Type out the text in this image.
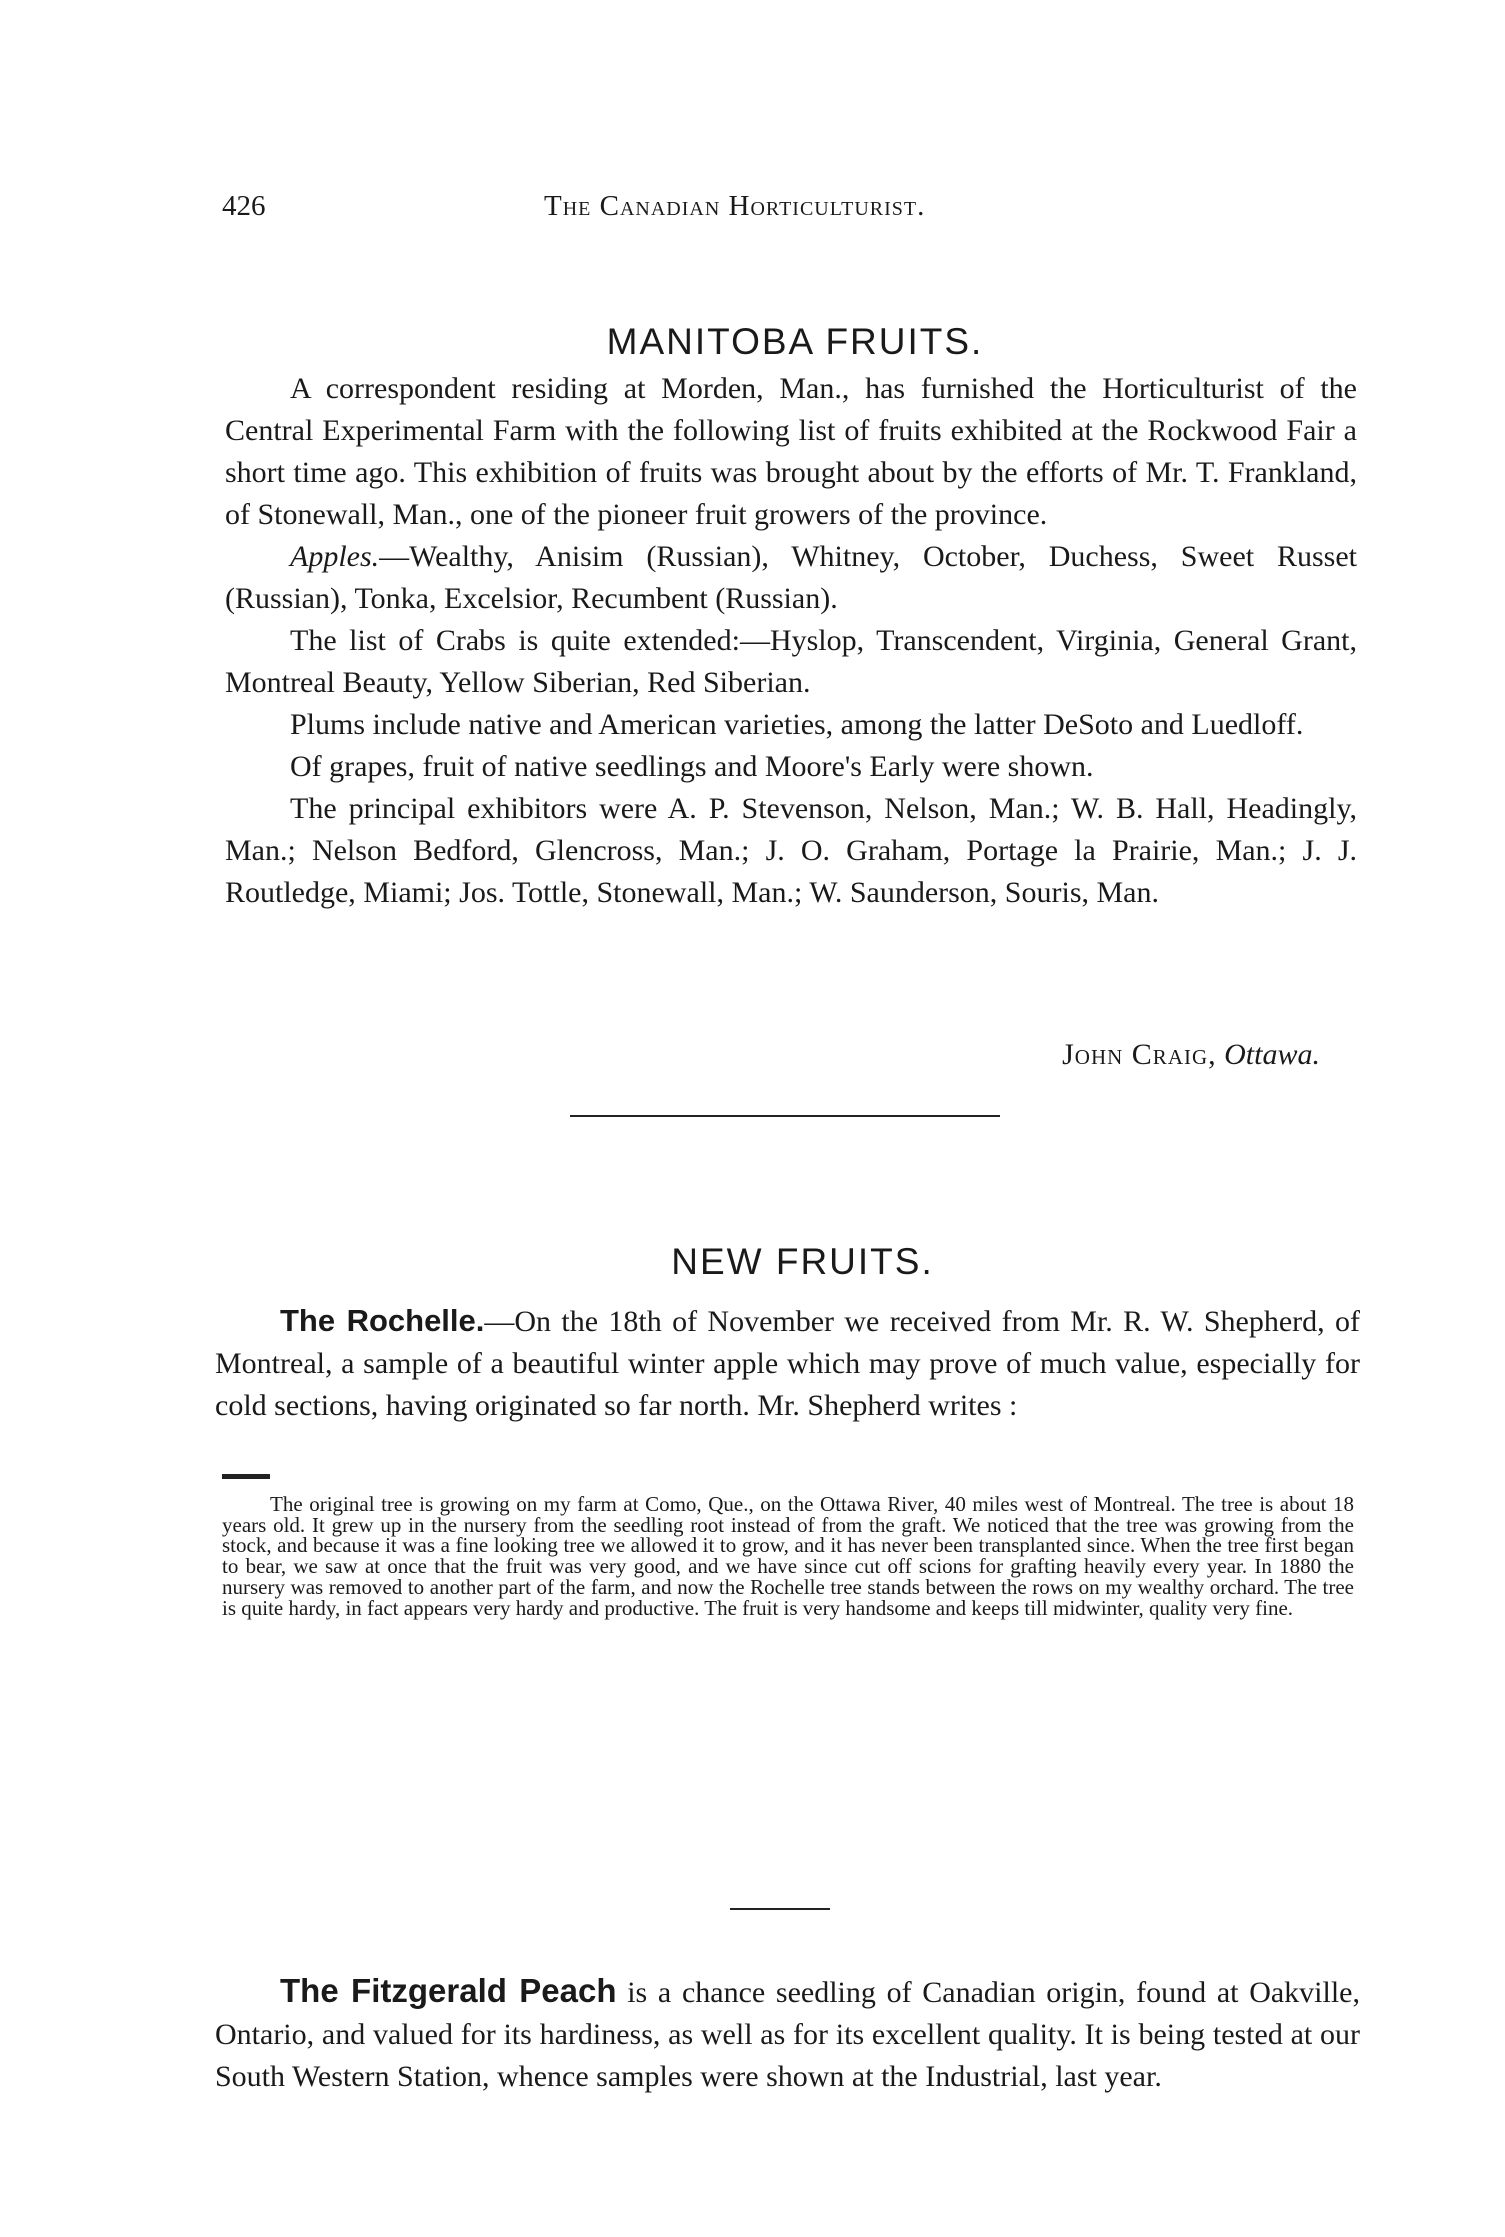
426	The Canadian Horticulturist.
MANITOBA FRUITS.

A correspondent residing at Morden, Man., has furnished the Horticulturist of the Central Experimental Farm with the following list of fruits exhibited at the Rockwood Fair a short time ago. This exhibition of fruits was brought about by the efforts of Mr. T. Frankland, of Stonewall, Man., one of the pioneer fruit growers of the province.

Apples.—Wealthy, Anisim (Russian), Whitney, October, Duchess, Sweet Russet (Russian), Tonka, Excelsior, Recumbent (Russian).

The list of Crabs is quite extended:—Hyslop, Transcendent, Virginia, General Grant, Montreal Beauty, Yellow Siberian, Red Siberian.

Plums include native and American varieties, among the latter DeSoto and Luedloff.

Of grapes, fruit of native seedlings and Moore's Early were shown.

The principal exhibitors were A. P. Stevenson, Nelson, Man.; W. B. Hall, Headingly, Man.; Nelson Bedford, Glencross, Man.; J. O. Graham, Portage la Prairie, Man.; J. J. Routledge, Miami; Jos. Tottle, Stonewall, Man.; W. Saunderson, Souris, Man.

John Craig, Ottawa.
NEW FRUITS.

The Rochelle.—On the 18th of November we received from Mr. R. W. Shepherd, of Montreal, a sample of a beautiful winter apple which may prove of much value, especially for cold sections, having originated so far north. Mr. Shepherd writes :

The original tree is growing on my farm at Como, Que., on the Ottawa River, 40 miles west of Montreal. The tree is about 18 years old. It grew up in the nursery from the seedling root instead of from the graft. We noticed that the tree was growing from the stock, and because it was a fine looking tree we allowed it to grow, and it has never been transplanted since. When the tree first began to bear, we saw at once that the fruit was very good, and we have since cut off scions for grafting heavily every year. In 1880 the nursery was removed to another part of the farm, and now the Rochelle tree stands between the rows on my wealthy orchard. The tree is quite hardy, in fact appears very hardy and productive. The fruit is very handsome and keeps till midwinter, quality very fine.

The Fitzgerald Peach is a chance seedling of Canadian origin, found at Oakville, Ontario, and valued for its hardiness, as well as for its excellent quality. It is being tested at our South Western Station, whence samples were shown at the Industrial, last year.
